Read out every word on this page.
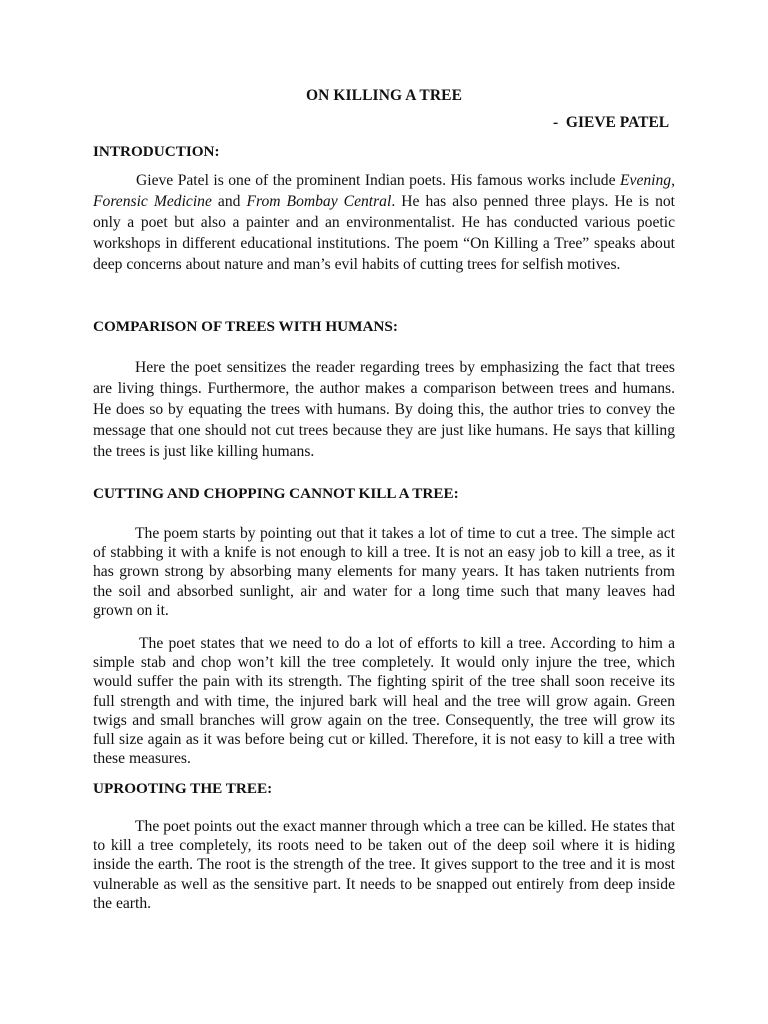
ON KILLING A TREE
-  GIEVE PATEL
INTRODUCTION:

Gieve Patel is one of the prominent Indian poets. His famous works include Evening, Forensic Medicine and From Bombay Central. He has also penned three plays. He is not only a poet but also a painter and an environmentalist. He has conducted various poetic workshops in different educational institutions. The poem “On Killing a Tree” speaks about deep concerns about nature and man’s evil habits of cutting trees for selfish motives.

COMPARISON OF TREES WITH HUMANS:

Here the poet sensitizes the reader regarding trees by emphasizing the fact that trees are living things. Furthermore, the author makes a comparison between trees and humans. He does so by equating the trees with humans. By doing this, the author tries to convey the message that one should not cut trees because they are just like humans. He says that killing the trees is just like killing humans.

CUTTING AND CHOPPING CANNOT KILL A TREE:

The poem starts by pointing out that it takes a lot of time to cut a tree. The simple act of stabbing it with a knife is not enough to kill a tree. It is not an easy job to kill a tree, as it has grown strong by absorbing many elements for many years. It has taken nutrients from the soil and absorbed sunlight, air and water for a long time such that many leaves had grown on it.

The poet states that we need to do a lot of efforts to kill a tree. According to him a simple stab and chop won’t kill the tree completely. It would only injure the tree, which would suffer the pain with its strength. The fighting spirit of the tree shall soon receive its full strength and with time, the injured bark will heal and the tree will grow again. Green twigs and small branches will grow again on the tree. Consequently, the tree will grow its full size again as it was before being cut or killed. Therefore, it is not easy to kill a tree with these measures.

UPROOTING THE TREE:

The poet points out the exact manner through which a tree can be killed. He states that to kill a tree completely, its roots need to be taken out of the deep soil where it is hiding inside the earth. The root is the strength of the tree. It gives support to the tree and it is most vulnerable as well as the sensitive part. It needs to be snapped out entirely from deep inside the earth.
